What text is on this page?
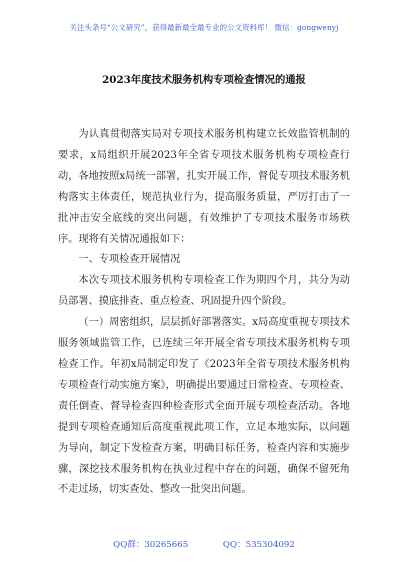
关注头条号“公文研究”，获得最新最全最专业的公文资料库！ 微信：gongwenyj
2023年度技术服务机构专项检查情况的通报

为认真贯彻落实局对专项技术服务机构建立长效监管机制的要求，x局组织开展2023年全省专项技术服务机构专项检查行动，各地按照x局统一部署，扎实开展工作，督促专项技术服务机构落实主体责任，规范执业行为，提高服务质量，严厉打击了一批冲击安全底线的突出问题，有效维护了专项技术服务市场秩序。现将有关情况通报如下：

一、专项检查开展情况

本次专项技术服务机构专项检查工作为期四个月，共分为动员部署、摸底排查、重点检查、巩固提升四个阶段。

（一）周密组织，层层抓好部署落实。x局高度重视专项技术服务领域监管工作，已连续三年开展全省专项技术服务机构专项检查工作。年初x局制定印发了《2023年全省专项技术服务机构专项检查行动实施方案》，明确提出要通过日常检查、专项检查、责任倒查、督导检查四种检查形式全面开展专项检查活动。各地提到专项检查通知后高度重视此项工作，立足本地实际，以问题为导向，制定下发检查方案，明确目标任务，检查内容和实施步骤，深挖技术服务机构在执业过程中存在的问题，确保不留死角不走过场，切实查处、整改一批突出问题。

QQ群：30265665	QQ：535304092
